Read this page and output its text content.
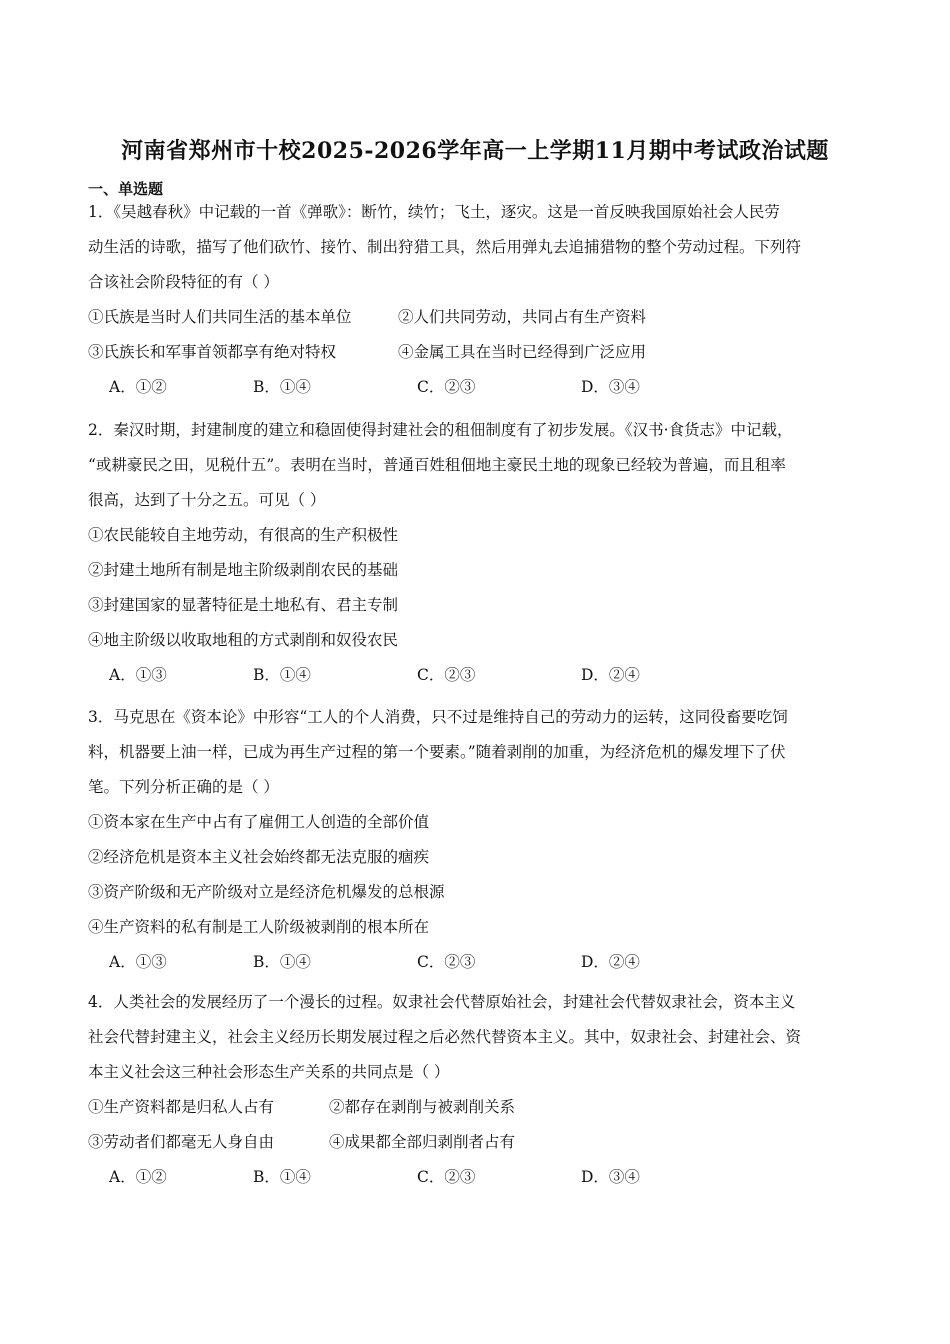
河南省郑州市十校2025-2026学年高一上学期11月期中考试政治试题
一、单选题

1．《吴越春秋》中记载的一首《弹歌》：断竹，续竹；飞土，逐灾。这是一首反映我国原始社会人民劳

动生活的诗歌，描写了他们砍竹、接竹、制出狩猎工具，然后用弹丸去追捕猎物的整个劳动过程。下列符

合该社会阶段特征的有（ ）

①氏族是当时人们共同生活的基本单位	②人们共同劳动，共同占有生产资料
③氏族长和军事首领都享有绝对特权	④金属工具在当时已经得到广泛应用
A．①②	B．①④	C．②③	D．③④

2．秦汉时期，封建制度的建立和稳固使得封建社会的租佃制度有了初步发展。《汉书·食货志》中记载，

“或耕豪民之田，见税什五”。表明在当时，普通百姓租佃地主豪民土地的现象已经较为普遍，而且租率

很高，达到了十分之五。可见（ ）

①农民能较自主地劳动，有很高的生产积极性
②封建土地所有制是地主阶级剥削农民的基础
③封建国家的显著特征是土地私有、君主专制
④地主阶级以收取地租的方式剥削和奴役农民
A．①③	B．①④	C．②③	D．②④

3．马克思在《资本论》中形容“工人的个人消费，只不过是维持自己的劳动力的运转，这同役畜要吃饲

料，机器要上油一样，已成为再生产过程的第一个要素。”随着剥削的加重，为经济危机的爆发埋下了伏

笔。下列分析正确的是（ ）

①资本家在生产中占有了雇佣工人创造的全部价值
②经济危机是资本主义社会始终都无法克服的痼疾
③资产阶级和无产阶级对立是经济危机爆发的总根源
④生产资料的私有制是工人阶级被剥削的根本所在
A．①③	B．①④	C．②③	D．②④

4．人类社会的发展经历了一个漫长的过程。奴隶社会代替原始社会，封建社会代替奴隶社会，资本主义

社会代替封建主义，社会主义经历长期发展过程之后必然代替资本主义。其中，奴隶社会、封建社会、资

本主义社会这三种社会形态生产关系的共同点是（ ）

①生产资料都是归私人占有	②都存在剥削与被剥削关系
③劳动者们都毫无人身自由	④成果都全部归剥削者占有
A．①②	B．①④	C．②③	D．③④
